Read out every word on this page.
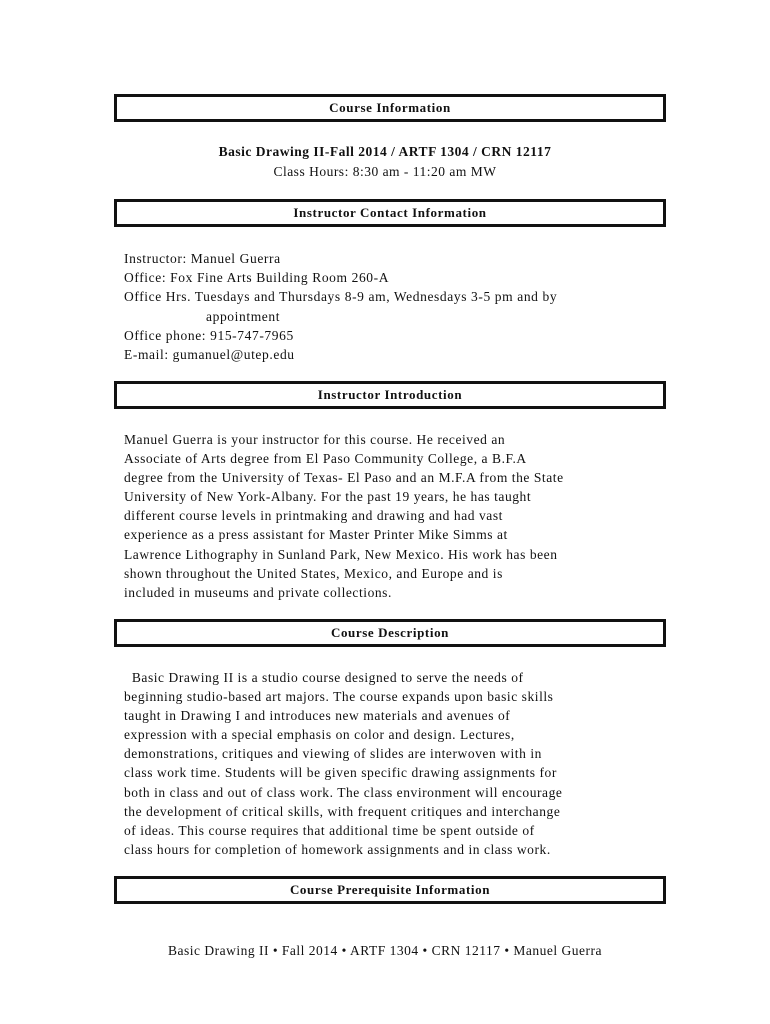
Course Information
Basic Drawing II-Fall 2014 / ARTF 1304 / CRN 12117
Class Hours: 8:30 am - 11:20 am MW
Instructor Contact Information

Instructor: Manuel Guerra

Office: Fox Fine Arts Building Room 260-A

Office Hrs. Tuesdays and Thursdays 8-9 am, Wednesdays 3-5 pm and by

appointment

Office phone: 915-747-7965

E-mail: gumanuel@utep.edu

Instructor Introduction
Manuel Guerra is your instructor for this course. He received an
Associate of Arts degree from El Paso Community College, a B.F.A
degree from the University of Texas- El Paso and an M.F.A from the State
University of New York-Albany. For the past 19 years, he has taught
different course levels in printmaking and drawing and had vast
experience as a press assistant for Master Printer Mike Simms at
Lawrence Lithography in Sunland Park, New Mexico. His work has been
shown throughout the United States, Mexico, and Europe and is
included in museums and private collections.
Course Description
Basic Drawing II is a studio course designed to serve the needs of
beginning studio-based art majors. The course expands upon basic skills
taught in Drawing I and introduces new materials and avenues of
expression with a special emphasis on color and design. Lectures,
demonstrations, critiques and viewing of slides are interwoven with in
class work time. Students will be given specific drawing assignments for
both in class and out of class work. The class environment will encourage
the development of critical skills, with frequent critiques and interchange
of ideas. This course requires that additional time be spent outside of
class hours for completion of homework assignments and in class work.
Course Prerequisite Information
Basic Drawing II • Fall 2014 • ARTF 1304 • CRN 12117 • Manuel Guerra
